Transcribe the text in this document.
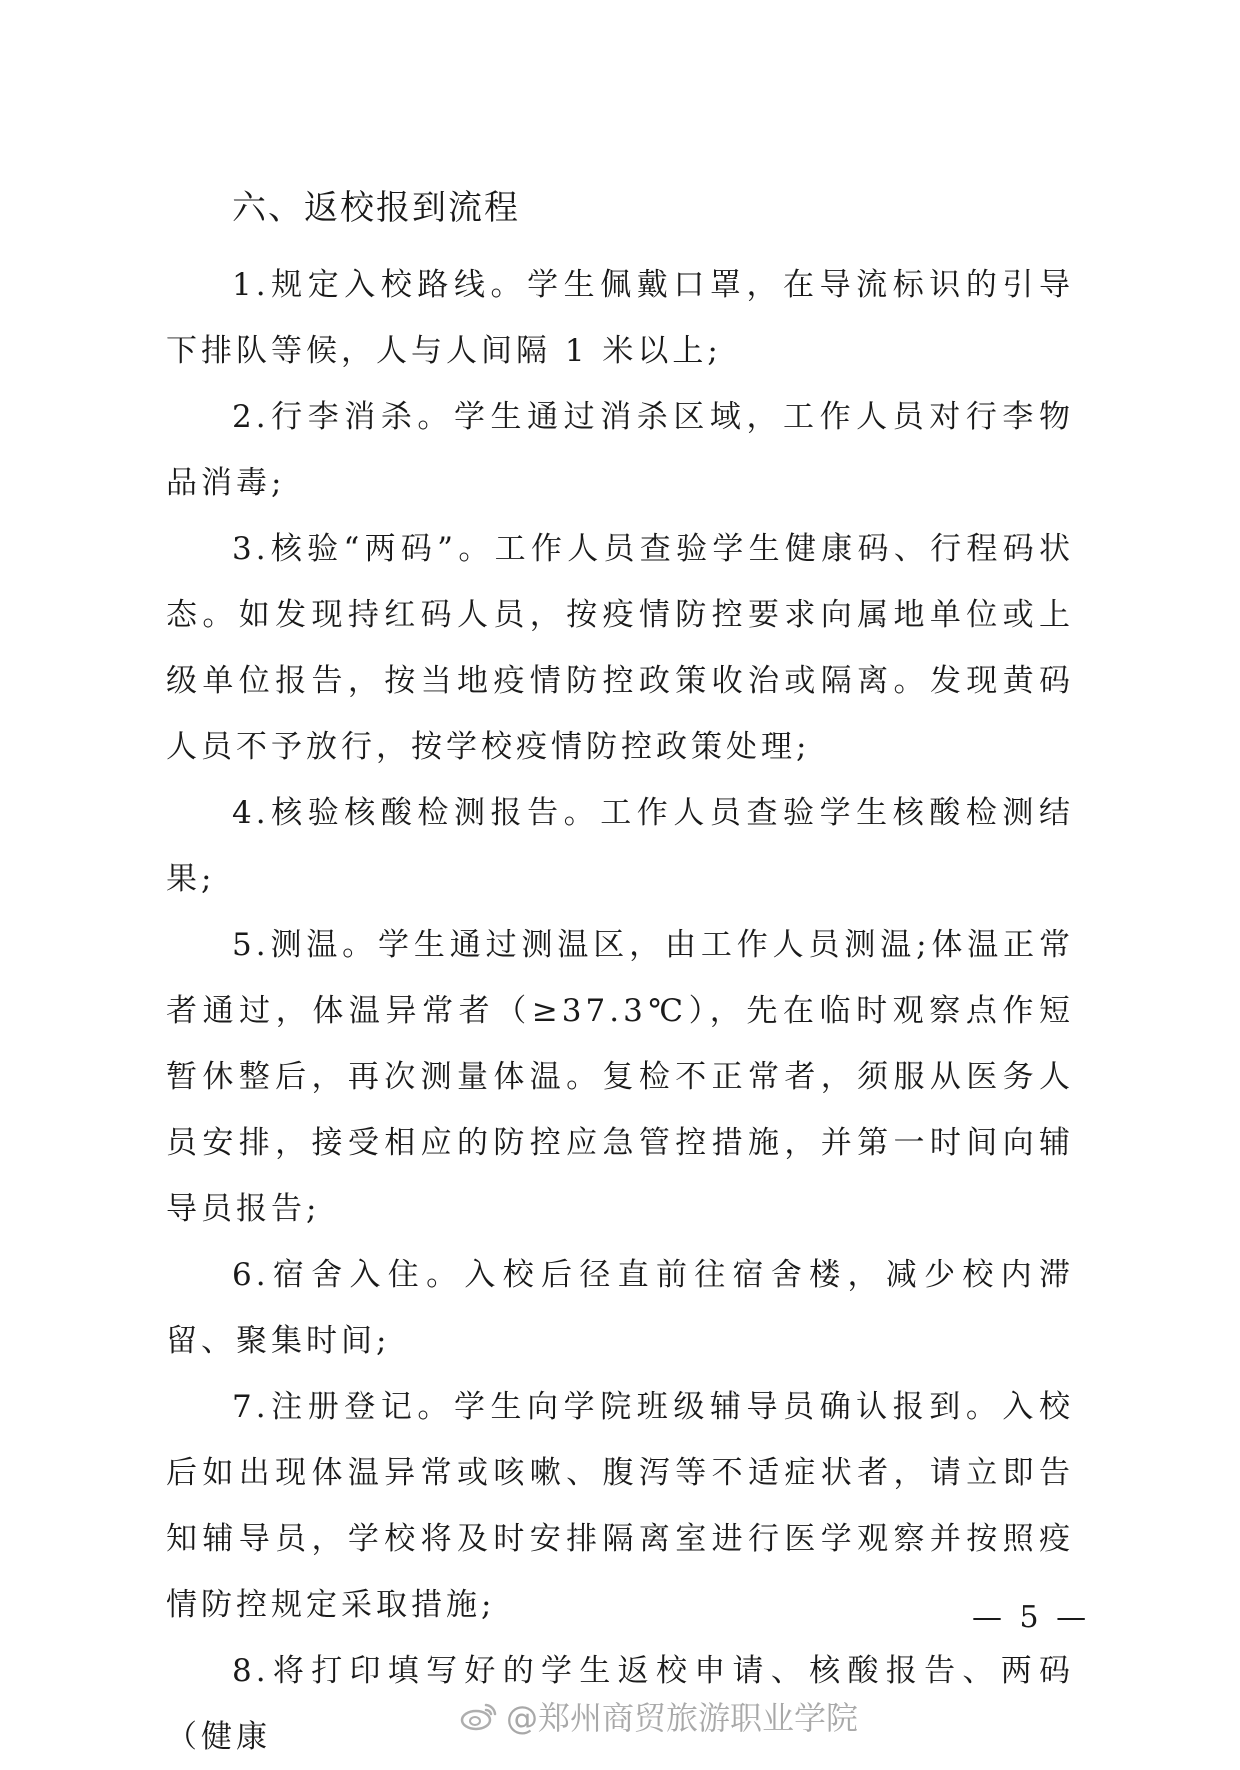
六、返校报到流程

1.规定入校路线。学生佩戴口罩，在导流标识的引导下排队等候，人与人间隔 1 米以上;

2.行李消杀。学生通过消杀区域，工作人员对行李物品消毒;

3.核验“两码”。工作人员查验学生健康码、行程码状态。如发现持红码人员，按疫情防控要求向属地单位或上级单位报告，按当地疫情防控政策收治或隔离。发现黄码人员不予放行，按学校疫情防控政策处理;

4.核验核酸检测报告。工作人员查验学生核酸检测结果;

5.测温。学生通过测温区，由工作人员测温;体温正常者通过，体温异常者（≥37.3℃），先在临时观察点作短暂休整后，再次测量体温。复检不正常者，须服从医务人员安排，接受相应的防控应急管控措施，并第一时间向辅导员报告;

6.宿舍入住。入校后径直前往宿舍楼，减少校内滞留、聚集时间;

7.注册登记。学生向学院班级辅导员确认报到。入校后如出现体温异常或咳嗽、腹泻等不适症状者，请立即告知辅导员，学校将及时安排隔离室进行医学观察并按照疫情防控规定采取措施;

8.将打印填写好的学生返校申请、核酸报告、两码（健康

— 5 —
@郑州商贸旅游职业学院
